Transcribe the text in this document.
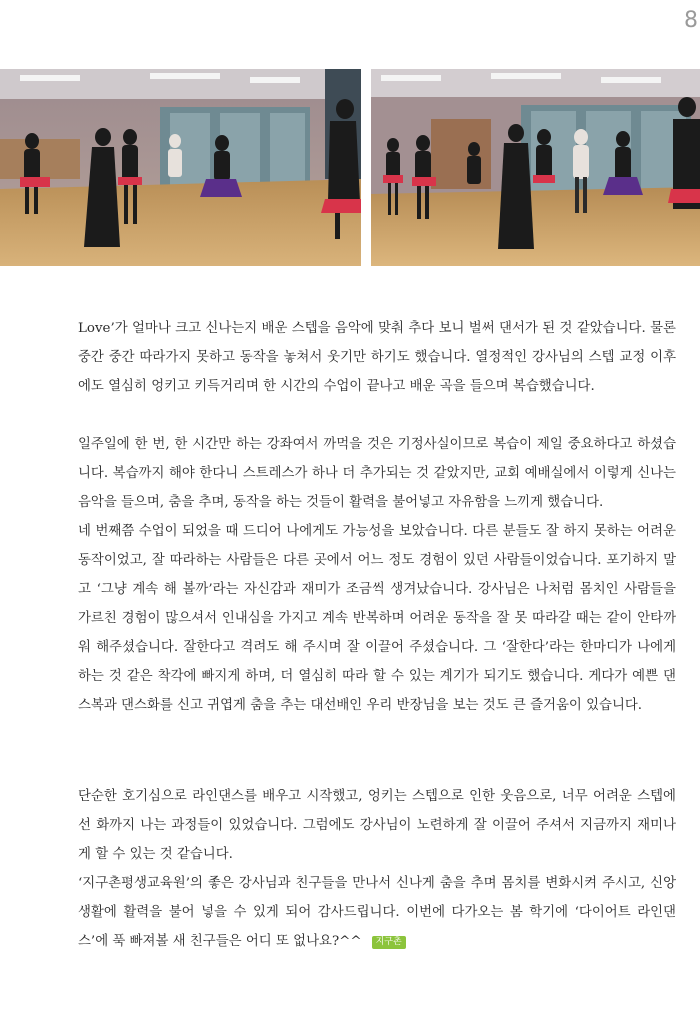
8

Love’가 얼마나 크고 신나는지 배운 스텝을 음악에 맞춰 추다 보니 벌써 댄서가 된 것 같았습니다. 물론 중간 중간 따라가지 못하고 동작을 놓쳐서 웃기만 하기도 했습니다. 열정적인 강사님의 스텝 교정 이후에도 열심히 엉키고 키득거리며 한 시간의 수업이 끝나고 배운 곡을 들으며 복습했습니다.

일주일에 한 번, 한 시간만 하는 강좌여서 까먹을 것은 기정사실이므로 복습이 제일 중요하다고 하셨습니다. 복습까지 해야 한다니 스트레스가 하나 더 추가되는 것 같았지만, 교회 예배실에서 이렇게 신나는 음악을 들으며, 춤을 추며, 동작을 하는 것들이 활력을 불어넣고 자유함을 느끼게 했습니다.

네 번째쯤 수업이 되었을 때 드디어 나에게도 가능성을 보았습니다. 다른 분들도 잘 하지 못하는 어려운 동작이었고, 잘 따라하는 사람들은 다른 곳에서 어느 정도 경험이 있던 사람들이었습니다. 포기하지 말고 ‘그냥 계속 해 볼까’라는 자신감과 재미가 조금씩 생겨났습니다. 강사님은 나처럼 몸치인 사람들을 가르친 경험이 많으셔서 인내심을 가지고 계속 반복하며 어려운 동작을 잘 못 따라갈 때는 같이 안타까워 해주셨습니다. 잘한다고 격려도 해 주시며 잘 이끌어 주셨습니다. 그 ‘잘한다’라는 한마디가 나에게 하는 것 같은 착각에 빠지게 하며, 더 열심히 따라 할 수 있는 계기가 되기도 했습니다. 게다가 예쁜 댄스복과 댄스화를 신고 귀엽게 춤을 추는 대선배인 우리 반장님을 보는 것도 큰 즐거움이 있습니다.

단순한 호기심으로 라인댄스를 배우고 시작했고, 엉키는 스텝으로 인한 웃음으로, 너무 어려운 스텝에선 화까지 나는 과정들이 있었습니다. 그럼에도 강사님이 노련하게 잘 이끌어 주셔서 지금까지 재미나게 할 수 있는 것 같습니다.

‘지구촌평생교육원’의 좋은 강사님과 친구들을 만나서 신나게 춤을 추며 몸치를 변화시켜 주시고, 신앙 생활에 활력을 불어 넣을 수 있게 되어 감사드립니다. 이번에 다가오는 봄 학기에 ‘다이어트 라인댄스’에 푹 빠져볼 새 친구들은 어디 또 없나요?^^ 지구촌
